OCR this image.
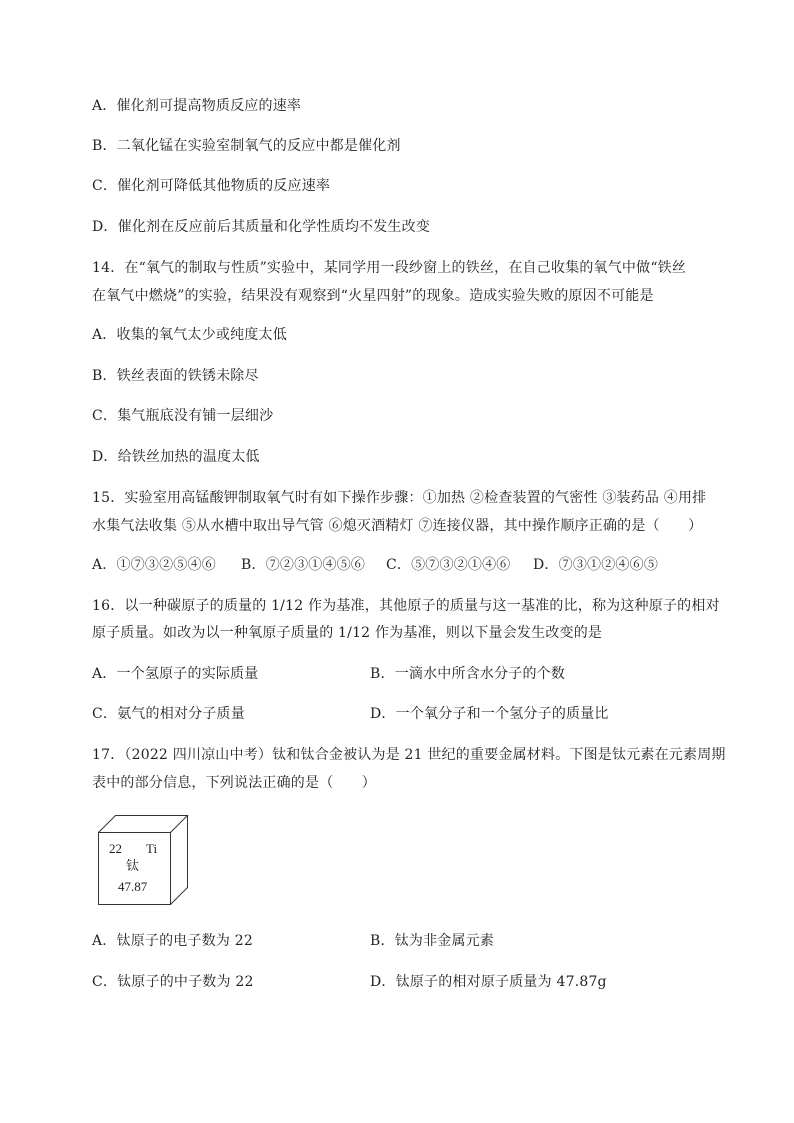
A．催化剂可提高物质反应的速率
B．二氧化锰在实验室制氧气的反应中都是催化剂
C．催化剂可降低其他物质的反应速率
D．催化剂在反应前后其质量和化学性质均不发生改变
14．在“氧气的制取与性质”实验中，某同学用一段纱窗上的铁丝，在自己收集的氧气中做“铁丝
在氧气中燃烧”的实验，结果没有观察到“火星四射”的现象。造成实验失败的原因不可能是
A．收集的氧气太少或纯度太低
B．铁丝表面的铁锈未除尽
C．集气瓶底没有铺一层细沙
D．给铁丝加热的温度太低
15．实验室用高锰酸钾制取氧气时有如下操作步骤：①加热 ②检查装置的气密性 ③装药品 ④用排
水集气法收集 ⑤从水槽中取出导气管 ⑥熄灭酒精灯 ⑦连接仪器，其中操作顺序正确的是（　　）
A．①⑦③②⑤④⑥ B．⑦②③①④⑤⑥ C．⑤⑦③②①④⑥ D．⑦③①②④⑥⑤
16．以一种碳原子的质量的 1/12 作为基准，其他原子的质量与这一基准的比，称为这种原子的相对
原子质量。如改为以一种氧原子质量的 1/12 作为基准，则以下量会发生改变的是
A．一个氢原子的实际质量	B．一滴水中所含水分子的个数
C．氨气的相对分子质量	D．一个氧分子和一个氢分子的质量比
17．（2022 四川凉山中考）钛和钛合金被认为是 21 世纪的重要金属材料。下图是钛元素在元素周期
表中的部分信息，下列说法正确的是（　　）
22 Ti
钛
47.87
A．钛原子的电子数为 22	B．钛为非金属元素
C．钛原子的中子数为 22	D．钛原子的相对原子质量为 47.87g
